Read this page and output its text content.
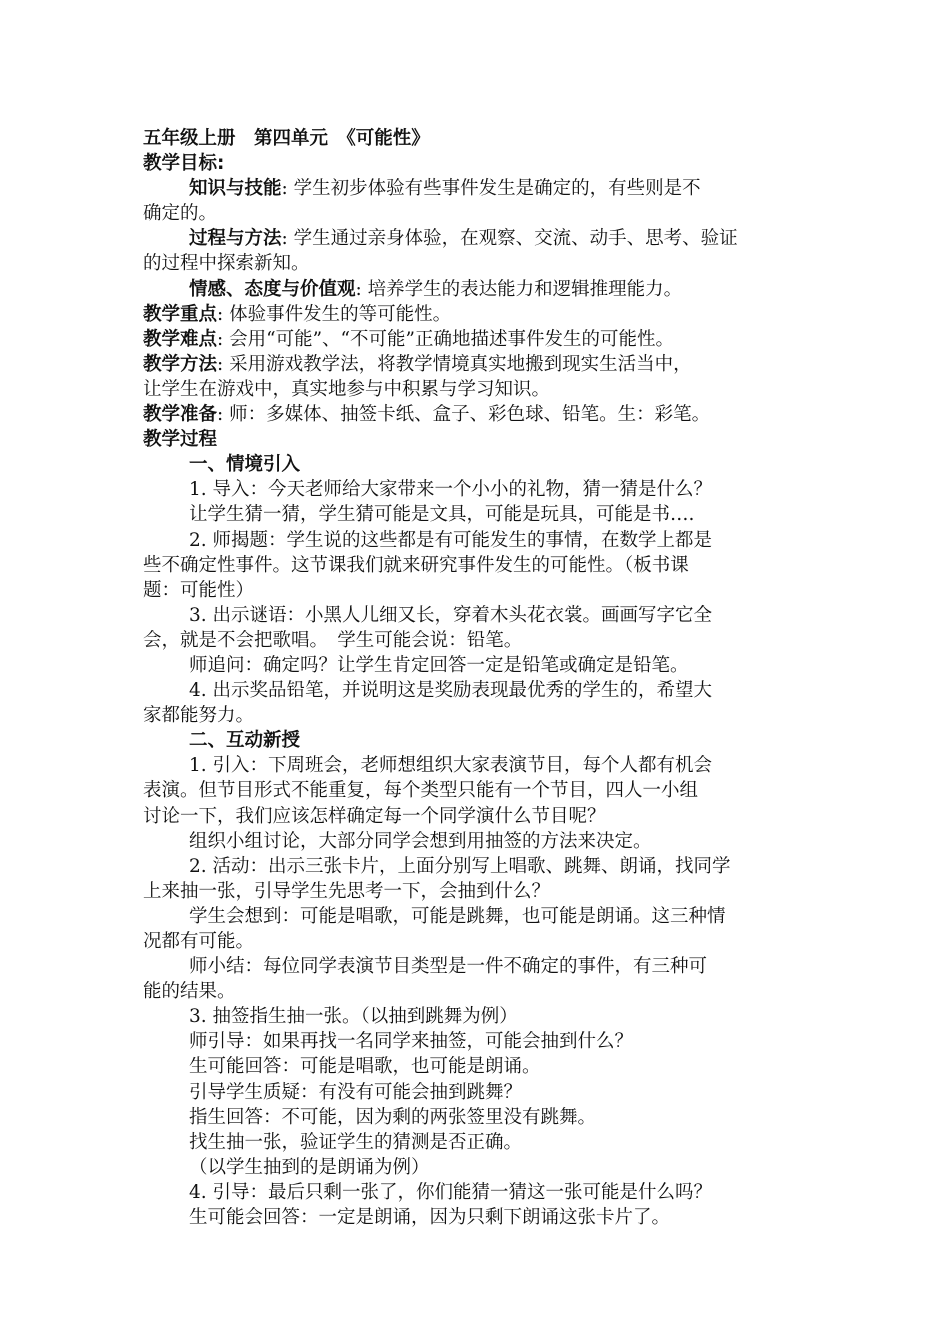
五年级上册　第四单元　《可能性》
教学目标:
知识与技能: 学生初步体验有些事件发生是确定的，有些则是不
确定的。
过程与方法: 学生通过亲身体验，在观察、交流、动手、思考、验证
的过程中探索新知。
情感、态度与价值观: 培养学生的表达能力和逻辑推理能力。
教学重点: 体验事件发生的等可能性。
教学难点: 会用“可能”、“不可能”正确地描述事件发生的可能性。
教学方法: 采用游戏教学法，将教学情境真实地搬到现实生活当中，
让学生在游戏中，真实地参与中积累与学习知识。
教学准备: 师：多媒体、抽签卡纸、盒子、彩色球、铅笔。生：彩笔。
教学过程
一、情境引入
1. 导入：今天老师给大家带来一个小小的礼物，猜一猜是什么？
让学生猜一猜，学生猜可能是文具，可能是玩具，可能是书….
2. 师揭题：学生说的这些都是有可能发生的事情，在数学上都是
些不确定性事件。这节课我们就来研究事件发生的可能性。（板书课
题：可能性）
3. 出示谜语：小黑人儿细又长，穿着木头花衣裳。画画写字它全
会，就是不会把歌唱。　学生可能会说：铅笔。
师追问：确定吗？让学生肯定回答一定是铅笔或确定是铅笔。
4. 出示奖品铅笔，并说明这是奖励表现最优秀的学生的，希望大
家都能努力。
二、互动新授
1. 引入：下周班会，老师想组织大家表演节目，每个人都有机会
表演。但节目形式不能重复，每个类型只能有一个节目，四人一小组
讨论一下，我们应该怎样确定每一个同学演什么节目呢？
组织小组讨论，大部分同学会想到用抽签的方法来决定。
2. 活动：出示三张卡片，上面分别写上唱歌、跳舞、朗诵，找同学
上来抽一张，引导学生先思考一下，会抽到什么？
学生会想到：可能是唱歌，可能是跳舞，也可能是朗诵。这三种情
况都有可能。
师小结：每位同学表演节目类型是一件不确定的事件，有三种可
能的结果。
3. 抽签指生抽一张。（以抽到跳舞为例）
师引导：如果再找一名同学来抽签，可能会抽到什么？
生可能回答：可能是唱歌，也可能是朗诵。
引导学生质疑：有没有可能会抽到跳舞？
指生回答：不可能，因为剩的两张签里没有跳舞。
找生抽一张，验证学生的猜测是否正确。
（以学生抽到的是朗诵为例）
4. 引导：最后只剩一张了，你们能猜一猜这一张可能是什么吗？
生可能会回答：一定是朗诵，因为只剩下朗诵这张卡片了。
